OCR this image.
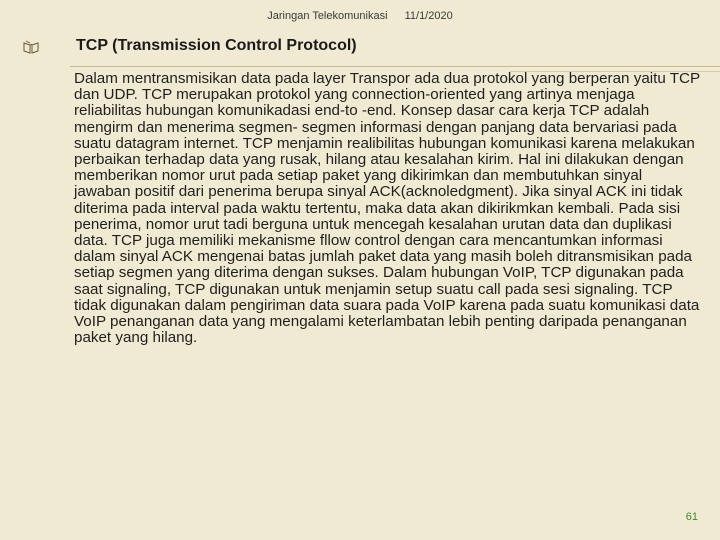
Jaringan Telekomunikasi 11/1/2020
TCP (Transmission Control Protocol)
Dalam mentransmisikan data pada layer Transpor ada dua protokol yang berperan yaitu TCP dan UDP. TCP merupakan protokol yang connection-oriented yang artinya menjaga reliabilitas hubungan komunikadasi end-to -end. Konsep dasar cara kerja TCP adalah mengirm dan menerima segmen- segmen informasi dengan panjang data bervariasi pada suatu datagram internet. TCP menjamin realibilitas hubungan komunikasi karena melakukan perbaikan terhadap data yang rusak, hilang atau kesalahan kirim. Hal ini dilakukan dengan memberikan nomor urut pada setiap paket yang dikirimkan dan membutuhkan sinyal jawaban positif dari penerima berupa sinyal ACK(acknoledgment). Jika sinyal ACK ini tidak diterima pada interval pada waktu tertentu, maka data akan dikirikmkan kembali. Pada sisi penerima, nomor urut tadi berguna untuk mencegah kesalahan urutan data dan duplikasi data. TCP juga memiliki mekanisme fllow control dengan cara mencantumkan informasi dalam sinyal ACK mengenai batas jumlah paket data yang masih boleh ditransmisikan pada setiap segmen yang diterima dengan sukses. Dalam hubungan VoIP, TCP digunakan pada saat signaling, TCP digunakan untuk menjamin setup suatu call pada sesi signaling. TCP tidak digunakan dalam pengiriman data suara pada VoIP karena pada suatu komunikasi data VoIP penanganan data yang mengalami keterlambatan lebih penting daripada penanganan paket yang hilang.
61
